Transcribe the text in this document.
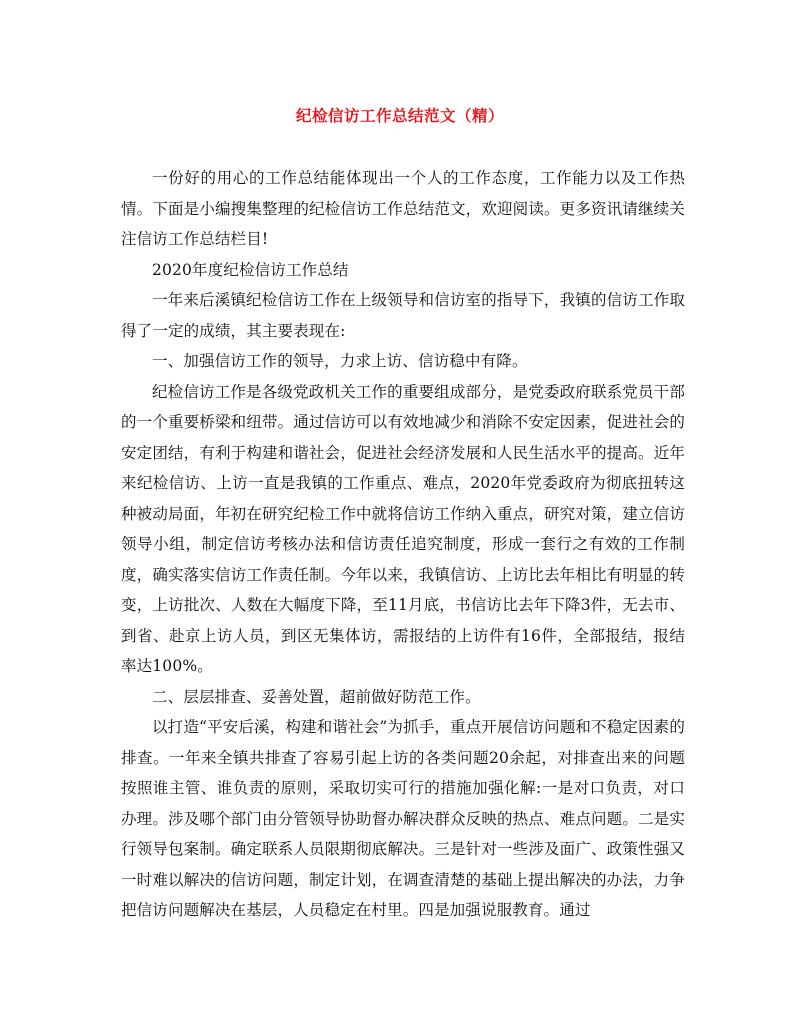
纪检信访工作总结范文（精）

一份好的用心的工作总结能体现出一个人的工作态度，工作能力以及工作热情。下面是小编搜集整理的纪检信访工作总结范文，欢迎阅读。更多资讯请继续关注信访工作总结栏目!

2020年度纪检信访工作总结

一年来后溪镇纪检信访工作在上级领导和信访室的指导下，我镇的信访工作取得了一定的成绩，其主要表现在:

一、加强信访工作的领导，力求上访、信访稳中有降。

纪检信访工作是各级党政机关工作的重要组成部分，是党委政府联系党员干部的一个重要桥梁和纽带。通过信访可以有效地减少和消除不安定因素，促进社会的安定团结，有利于构建和谐社会，促进社会经济发展和人民生活水平的提高。近年来纪检信访、上访一直是我镇的工作重点、难点，2020年党委政府为彻底扭转这种被动局面，年初在研究纪检工作中就将信访工作纳入重点，研究对策，建立信访领导小组，制定信访考核办法和信访责任追究制度，形成一套行之有效的工作制度，确实落实信访工作责任制。今年以来，我镇信访、上访比去年相比有明显的转变，上访批次、人数在大幅度下降，至11月底，书信访比去年下降3件，无去市、到省、赴京上访人员，到区无集体访，需报结的上访件有16件，全部报结，报结率达100%。

二、层层排查、妥善处置，超前做好防范工作。

以打造“平安后溪，构建和谐社会”为抓手，重点开展信访问题和不稳定因素的排查。一年来全镇共排查了容易引起上访的各类问题20余起，对排查出来的问题按照谁主管、谁负责的原则，采取切实可行的措施加强化解:一是对口负责，对口办理。涉及哪个部门由分管领导协助督办解决群众反映的热点、难点问题。二是实行领导包案制。确定联系人员限期彻底解决。三是针对一些涉及面广、政策性强又一时难以解决的信访问题，制定计划，在调查清楚的基础上提出解决的办法，力争把信访问题解决在基层，人员稳定在村里。四是加强说服教育。通过
